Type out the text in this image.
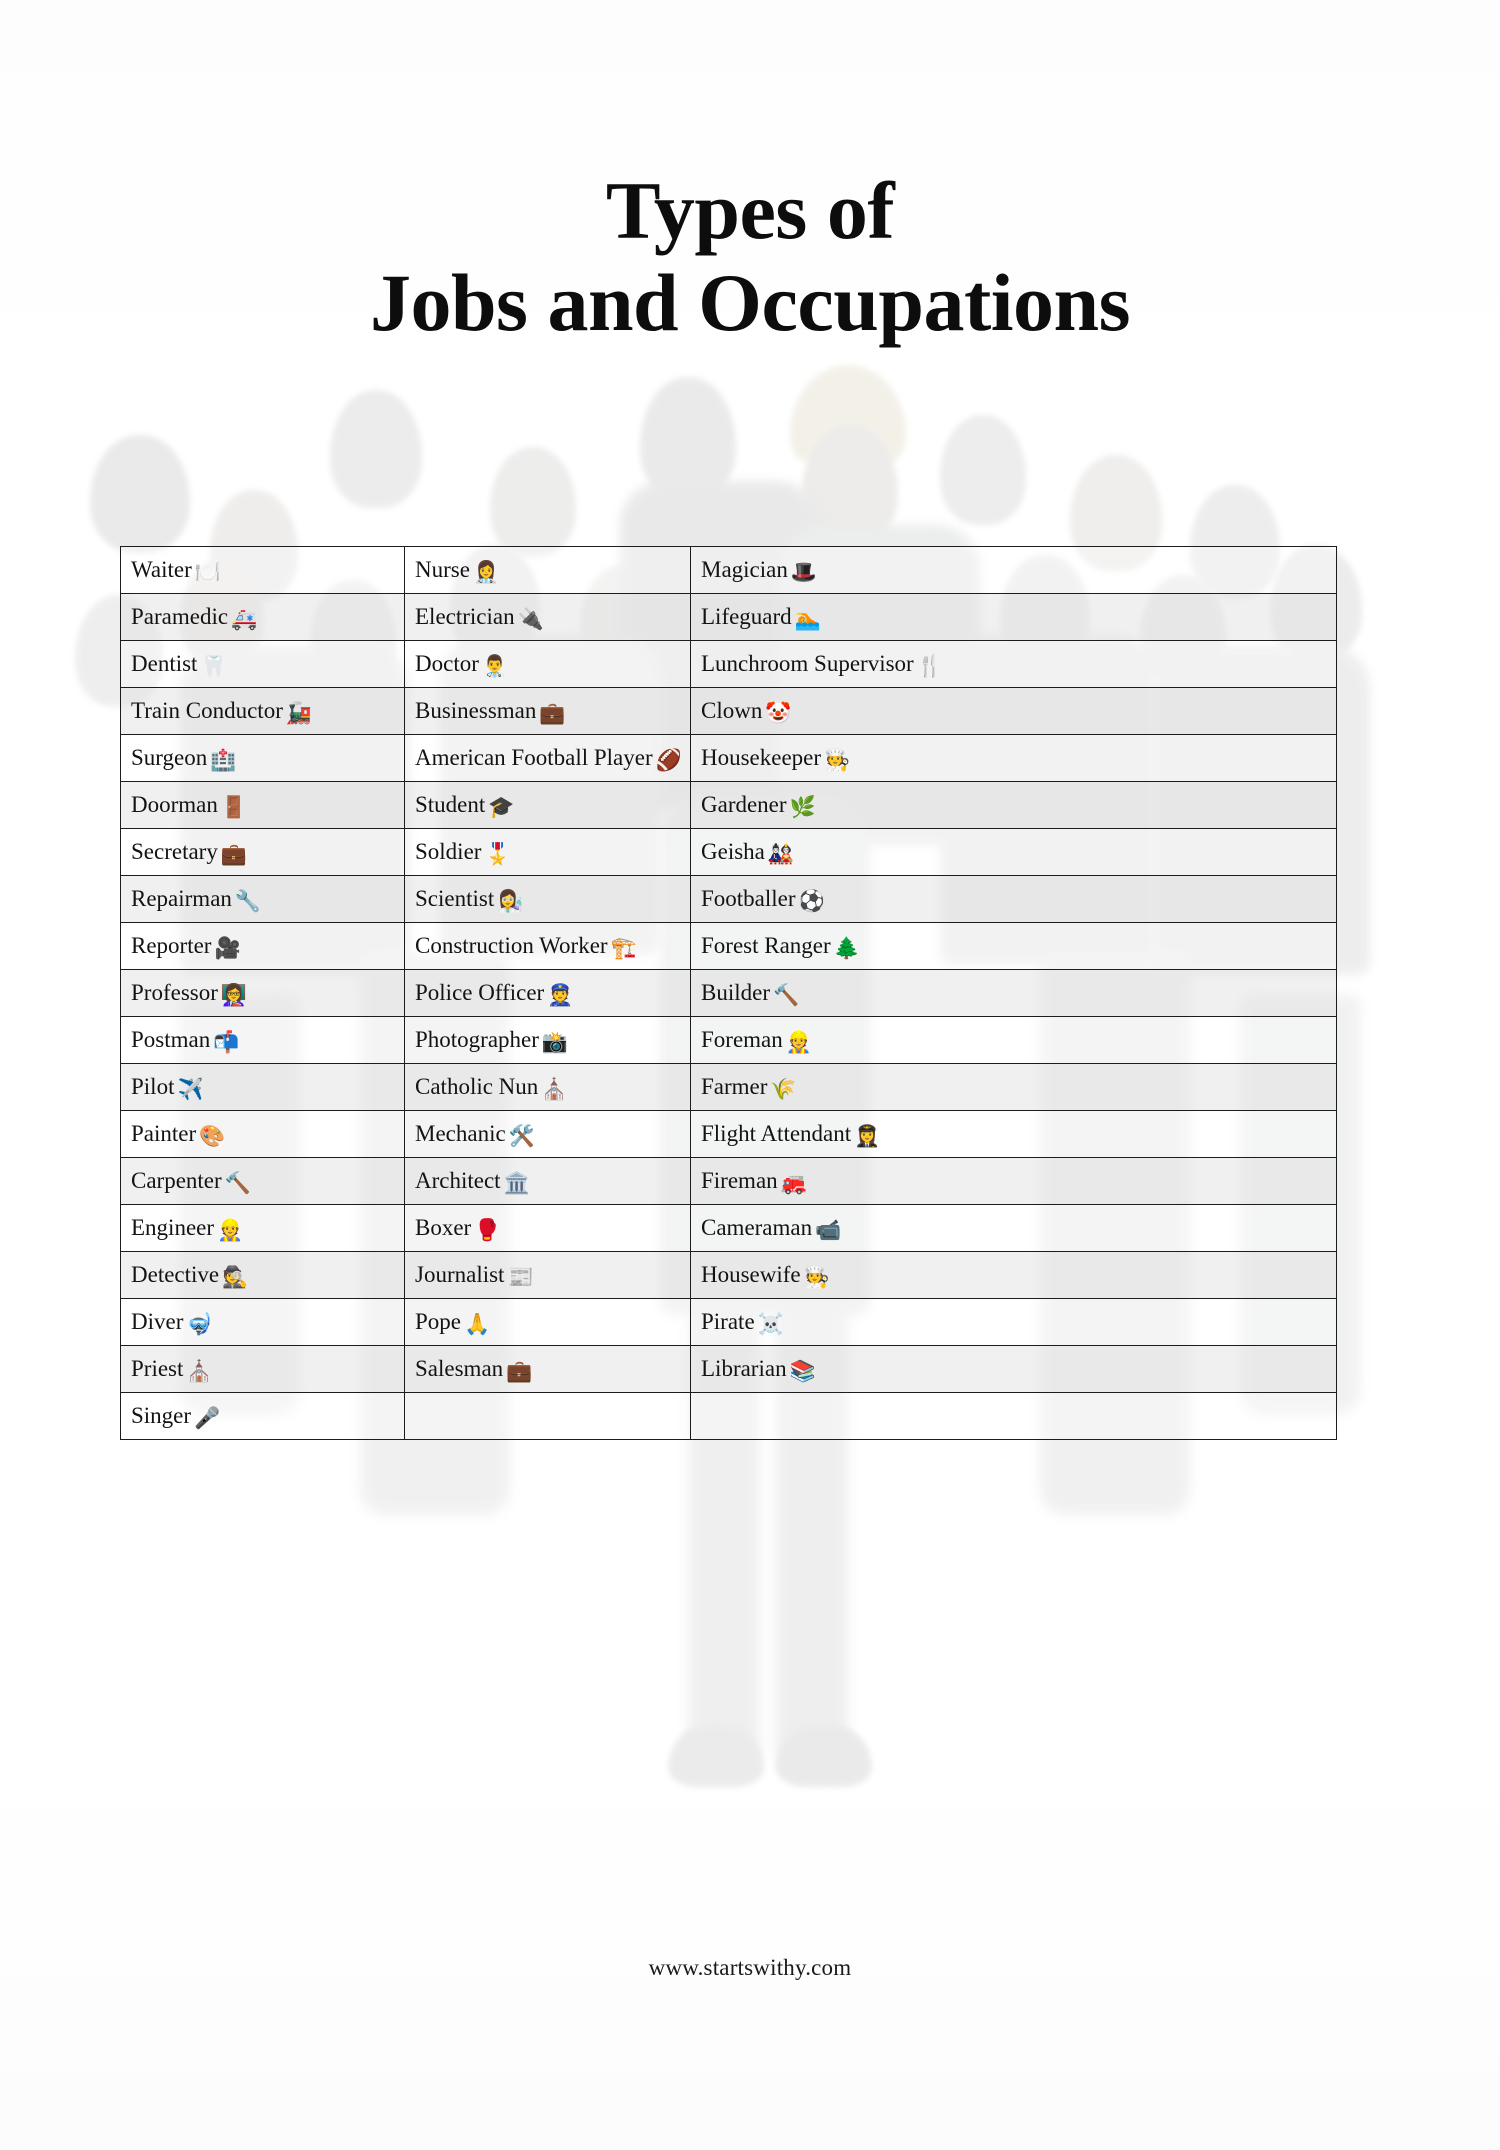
Types of
Jobs and Occupations
Waiter 🍽️	Nurse 👩‍⚕️	Magician 🎩
Paramedic 🚑	Electrician 🔌	Lifeguard 🏊
Dentist 🦷	Doctor 👨‍⚕️	Lunchroom Supervisor 🍴
Train Conductor 🚂	Businessman 💼	Clown 🤡
Surgeon 🏥	American Football Player 🏈	Housekeeper 🧑‍🍳
Doorman 🚪	Student 🎓	Gardener 🌿
Secretary 💼	Soldier 🎖️	Geisha 🎎
Repairman 🔧	Scientist 👩‍🔬	Footballer ⚽
Reporter 🎥	Construction Worker 🏗️	Forest Ranger 🌲
Professor 👩‍🏫	Police Officer 👮	Builder 🔨
Postman 📬	Photographer 📸	Foreman 👷
Pilot ✈️	Catholic Nun ⛪	Farmer 🌾
Painter 🎨	Mechanic 🛠️	Flight Attendant 👩‍✈️
Carpenter 🔨	Architect 🏛️	Fireman 🚒
Engineer 👷	Boxer 🥊	Cameraman 📹
Detective 🕵️	Journalist 📰	Housewife 🧑‍🍳
Diver 🤿	Pope 🙏	Pirate ☠️
Priest ⛪	Salesman 💼	Librarian 📚
Singer 🎤		
www.startswithy.com
